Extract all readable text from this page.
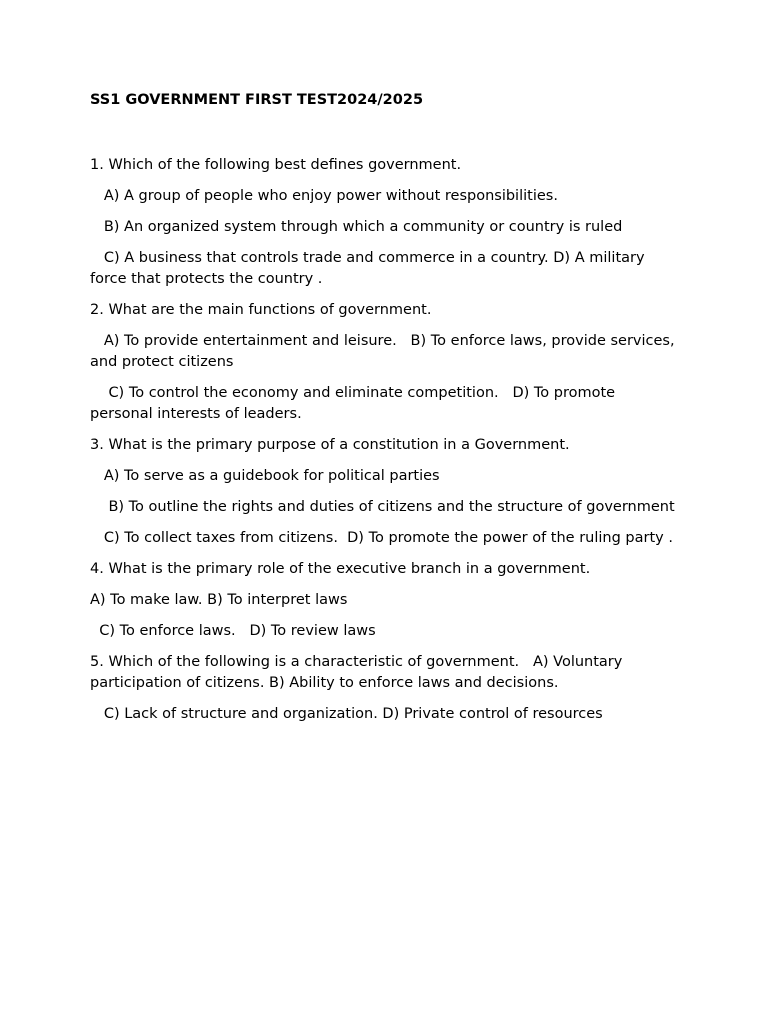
SS1 GOVERNMENT FIRST TEST2024/2025

1. Which of the following best defines government.

A) A group of people who enjoy power without responsibilities.

B) An organized system through which a community or country is ruled

C) A business that controls trade and commerce in a country. D) A military force that protects the country .

2. What are the main functions of government.

A) To provide entertainment and leisure.   B) To enforce laws, provide services, and protect citizens

C) To control the economy and eliminate competition.   D) To promote personal interests of leaders.

3. What is the primary purpose of a constitution in a Government.

A) To serve as a guidebook for political parties

B) To outline the rights and duties of citizens and the structure of government

C) To collect taxes from citizens.  D) To promote the power of the ruling party .

4. What is the primary role of the executive branch in a government.

A) To make law. B) To interpret laws

C) To enforce laws.   D) To review laws

5. Which of the following is a characteristic of government.   A) Voluntary participation of citizens. B) Ability to enforce laws and decisions.

C) Lack of structure and organization. D) Private control of resources
